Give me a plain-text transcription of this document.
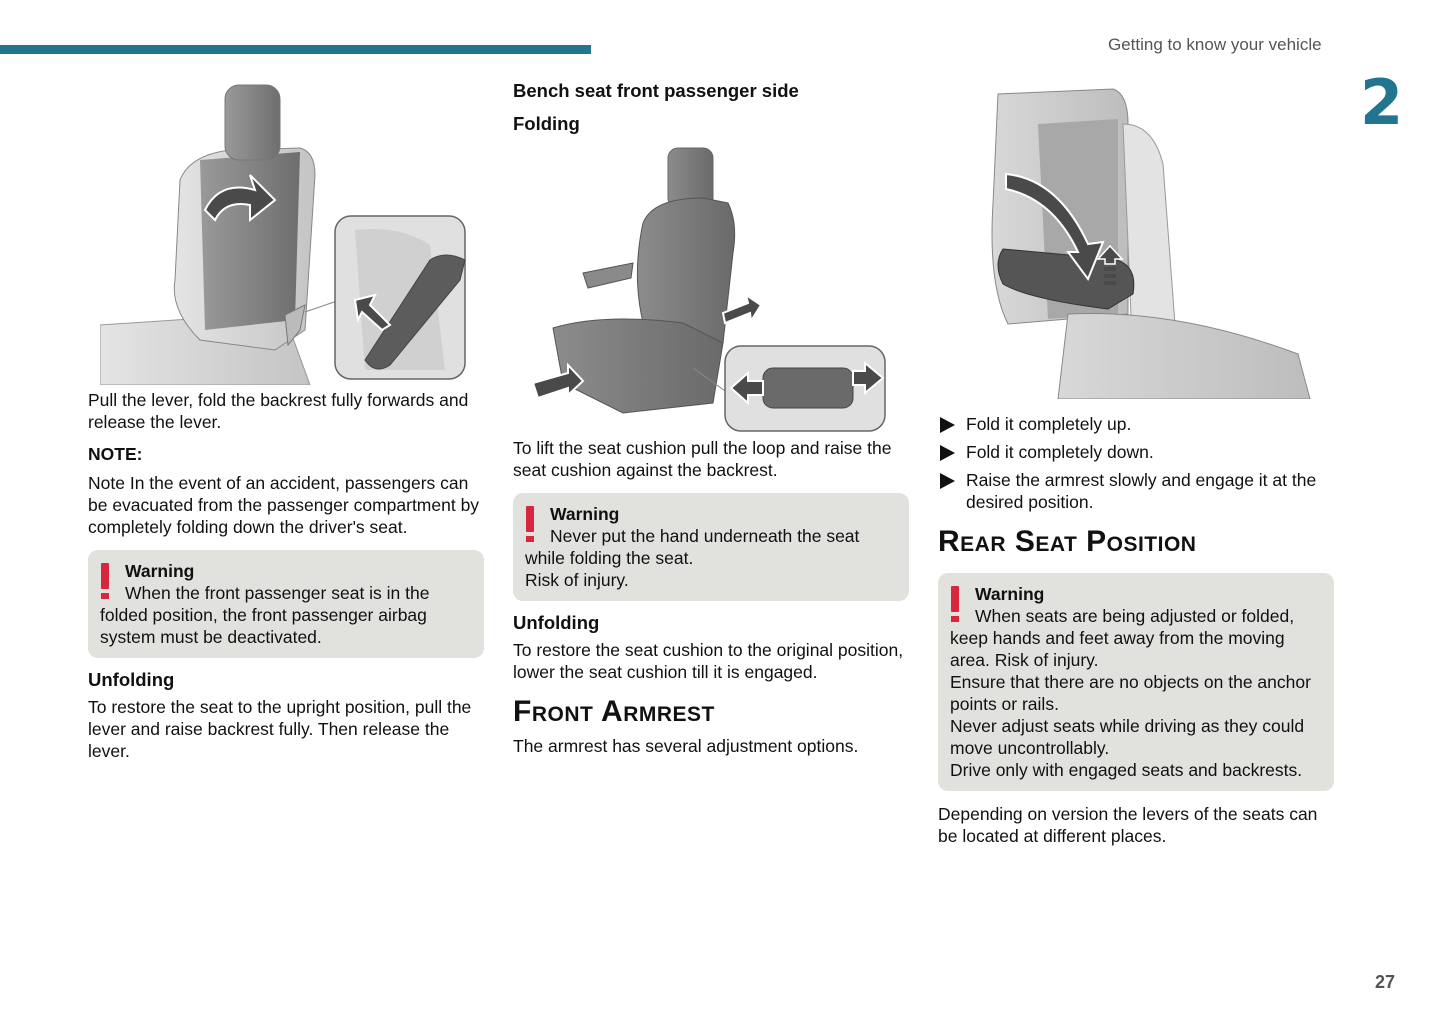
Getting to know your vehicle
2
27

Pull the lever, fold the backrest fully forwards and release the lever.

NOTE:

Note In the event of an accident, passengers can be evacuated from the passenger compartment by completely folding down the driver's seat.

Warning
When the front passenger seat is in the folded position, the front passenger airbag system must be deactivated.

Unfolding

To restore the seat to the upright position, pull the lever and raise backrest fully. Then release the lever.

Bench seat front passenger side

Folding

To lift the seat cushion pull the loop and raise the seat cushion against the backrest.

Warning
Never put the hand underneath the seat while folding the seat.
Risk of injury.

Unfolding

To restore the seat cushion to the original position, lower the seat cushion till it is engaged.

Front Armrest

The armrest has several adjustment options.

Fold it completely up.
Fold it completely down.
Raise the armrest slowly and engage it at the desired position.

Rear Seat Position

Warning
When seats are being adjusted or folded, keep hands and feet away from the moving area. Risk of injury.
Ensure that there are no objects on the anchor points or rails.
Never adjust seats while driving as they could move uncontrollably.
Drive only with engaged seats and backrests.

Depending on version the levers of the seats can be located at different places.
